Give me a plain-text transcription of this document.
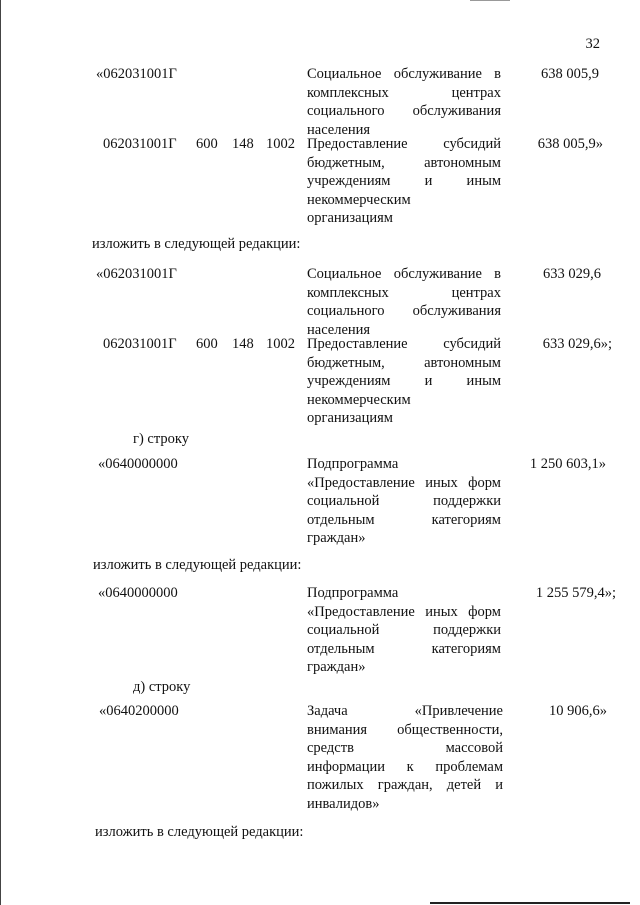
32
«062031001Г	Социальное обслуживание в
комплексных центрах
социального обслуживания
населения
638 005,9
062031001Г 600 148 1002 Предоставление субсидий
бюджетным, автономным
учреждениям и иным
некоммерческим
организациям
638 005,9»
изложить в следующей редакции:
«062031001Г	Социальное обслуживание в
комплексных центрах
социального обслуживания
населения
633 029,6
062031001Г 600 148 1002 Предоставление субсидий
бюджетным, автономным
учреждениям и иным
некоммерческим
организациям
633 029,6»;
г) строку
«0640000000	Подпрограмма
«Предоставление иных форм
социальной поддержки
отдельным категориям
граждан»
1 250 603,1»
изложить в следующей редакции:
«0640000000	Подпрограмма
«Предоставление иных форм
социальной поддержки
отдельным категориям
граждан»
1 255 579,4»;
д) строку
«0640200000	Задача «Привлечение
внимания общественности,
средств массовой
информации к проблемам
пожилых граждан, детей и
инвалидов»
10 906,6»
изложить в следующей редакции:
